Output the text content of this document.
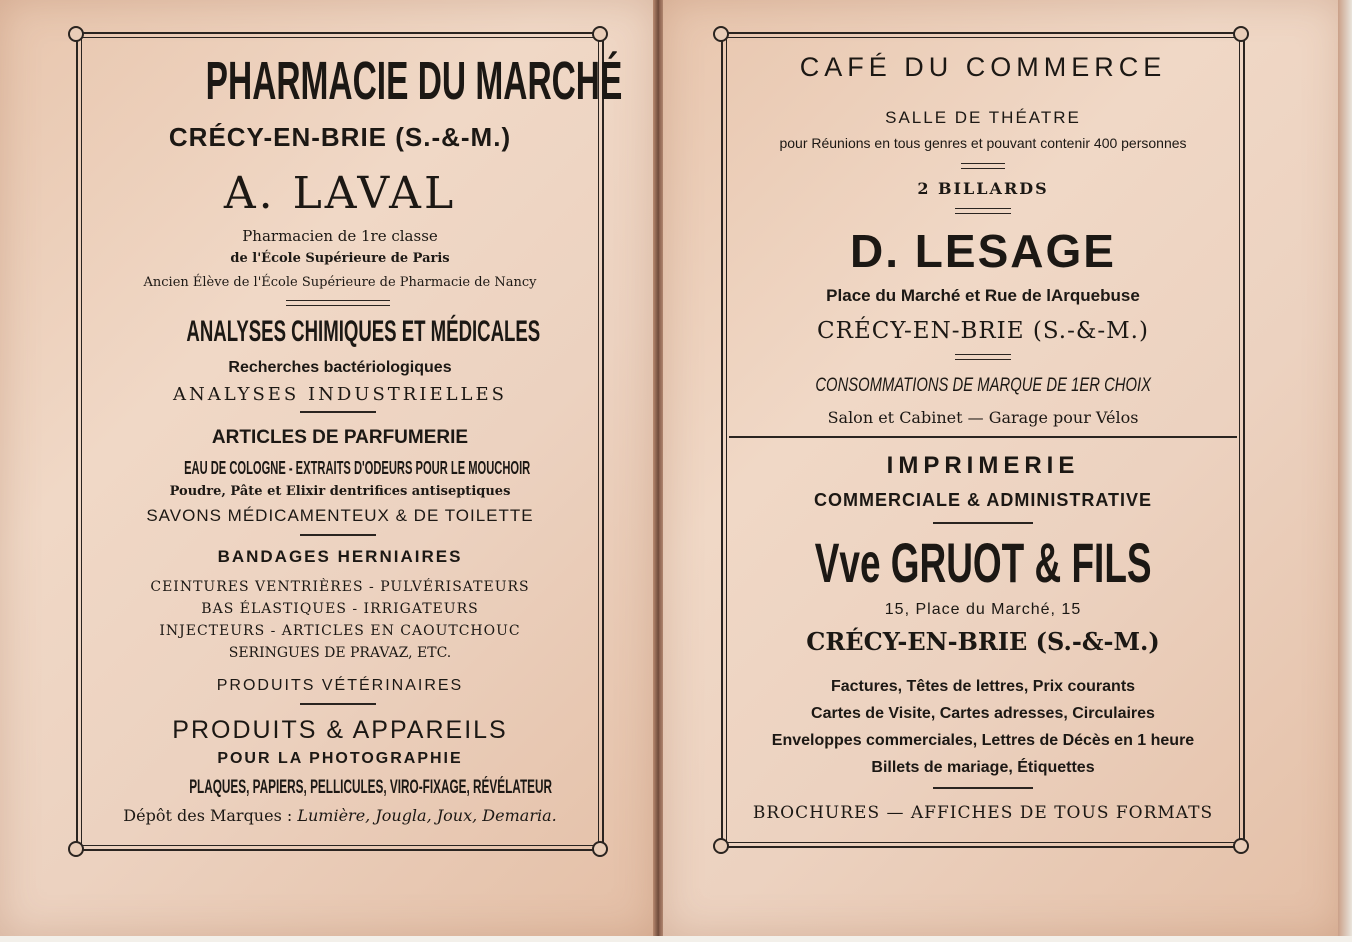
PHARMACIE DU MARCHÉ
CRÉCY-EN-BRIE (S.-&-M.)
A. LAVAL
Pharmacien de 1re classe
de l'École Supérieure de Paris
Ancien Élève de l'École Supérieure de Pharmacie de Nancy
ANALYSES CHIMIQUES ET MÉDICALES
Recherches bactériologiques
ANALYSES INDUSTRIELLES
ARTICLES DE PARFUMERIE
EAU DE COLOGNE - EXTRAITS D'ODEURS POUR LE MOUCHOIR
Poudre, Pâte et Elixir dentrifices antiseptiques
SAVONS MÉDICAMENTEUX & DE TOILETTE
BANDAGES HERNIAIRES
CEINTURES VENTRIÈRES - PULVÉRISATEURS
BAS ÉLASTIQUES - IRRIGATEURS
INJECTEURS - ARTICLES EN CAOUTCHOUC
SERINGUES DE PRAVAZ, ETC.
PRODUITS VÉTÉRINAIRES
PRODUITS & APPAREILS
POUR LA PHOTOGRAPHIE
PLAQUES, PAPIERS, PELLICULES, VIRO-FIXAGE, RÉVÉLATEUR
Dépôt des Marques : Lumière, Jougla, Joux, Demaria.
CAFÉ DU COMMERCE
SALLE DE THÉATRE
pour Réunions en tous genres et pouvant contenir 400 personnes
2 BILLARDS
D. LESAGE
Place du Marché et Rue de lArquebuse
CRÉCY-EN-BRIE (S.-&-M.)
CONSOMMATIONS DE MARQUE DE 1ER CHOIX
Salon et Cabinet — Garage pour Vélos
IMPRIMERIE
COMMERCIALE & ADMINISTRATIVE
Vve GRUOT & FILS
15, Place du Marché, 15
CRÉCY-EN-BRIE (S.-&-M.)
Factures, Têtes de lettres, Prix courants
Cartes de Visite, Cartes adresses, Circulaires
Enveloppes commerciales, Lettres de Décès en 1 heure
Billets de mariage, Étiquettes
BROCHURES — AFFICHES DE TOUS FORMATS
